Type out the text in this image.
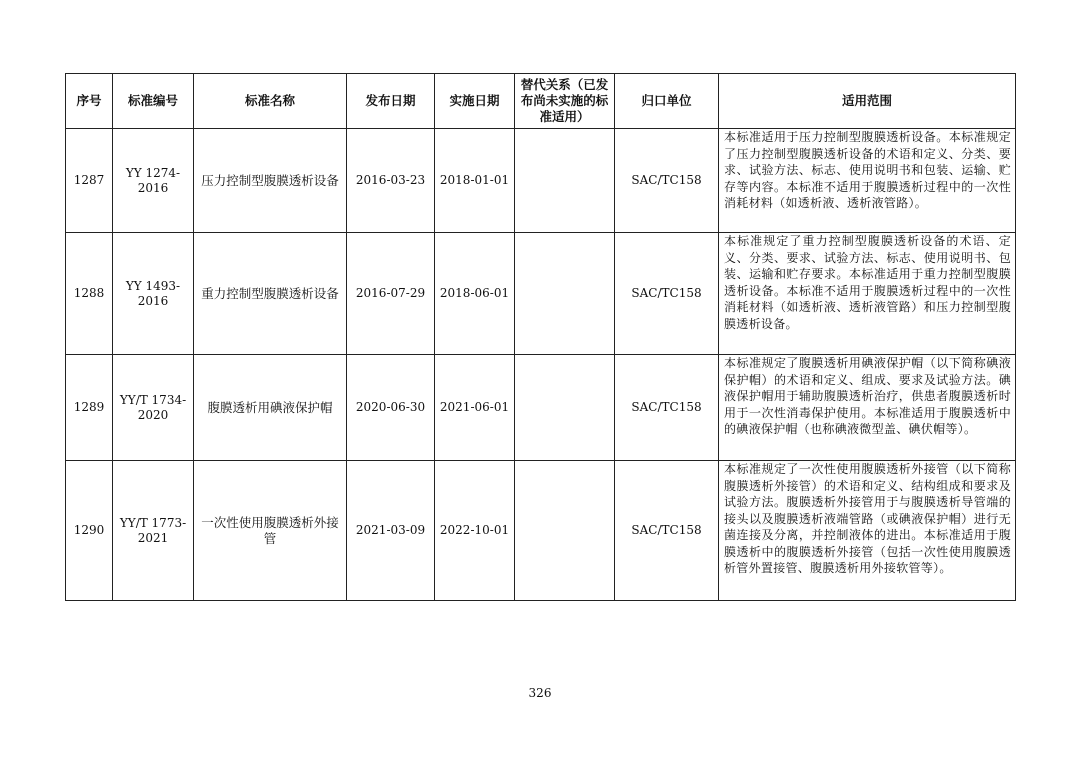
序号	标准编号	标准名称	发布日期	实施日期	替代关系（已发布尚未实施的标准适用）	归口单位	适用范围
1287	YY 1274-2016	压力控制型腹膜透析设备	2016-03-23	2018-01-01		SAC/TC158	本标准适用于压力控制型腹膜透析设备。本标准规定了压力控制型腹膜透析设备的术语和定义、分类、要求、试验方法、标志、使用说明书和包装、运输、贮存等内容。本标准不适用于腹膜透析过程中的一次性消耗材料（如透析液、透析液管路）。
1288	YY 1493-2016	重力控制型腹膜透析设备	2016-07-29	2018-06-01		SAC/TC158	本标准规定了重力控制型腹膜透析设备的术语、定义、分类、要求、试验方法、标志、使用说明书、包装、运输和贮存要求。本标准适用于重力控制型腹膜透析设备。本标准不适用于腹膜透析过程中的一次性消耗材料（如透析液、透析液管路）和压力控制型腹膜透析设备。
1289	YY/T 1734-2020	腹膜透析用碘液保护帽	2020-06-30	2021-06-01		SAC/TC158	本标准规定了腹膜透析用碘液保护帽（以下简称碘液保护帽）的术语和定义、组成、要求及试验方法。碘液保护帽用于辅助腹膜透析治疗，供患者腹膜透析时用于一次性消毒保护使用。本标准适用于腹膜透析中的碘液保护帽（也称碘液微型盖、碘伏帽等）。
1290	YY/T 1773-2021	一次性使用腹膜透析外接管	2021-03-09	2022-10-01		SAC/TC158	本标准规定了一次性使用腹膜透析外接管（以下简称腹膜透析外接管）的术语和定义、结构组成和要求及试验方法。腹膜透析外接管用于与腹膜透析导管端的接头以及腹膜透析液端管路（或碘液保护帽）进行无菌连接及分离，并控制液体的进出。本标准适用于腹膜透析中的腹膜透析外接管（包括一次性使用腹膜透析管外置接管、腹膜透析用外接软管等）。
326
